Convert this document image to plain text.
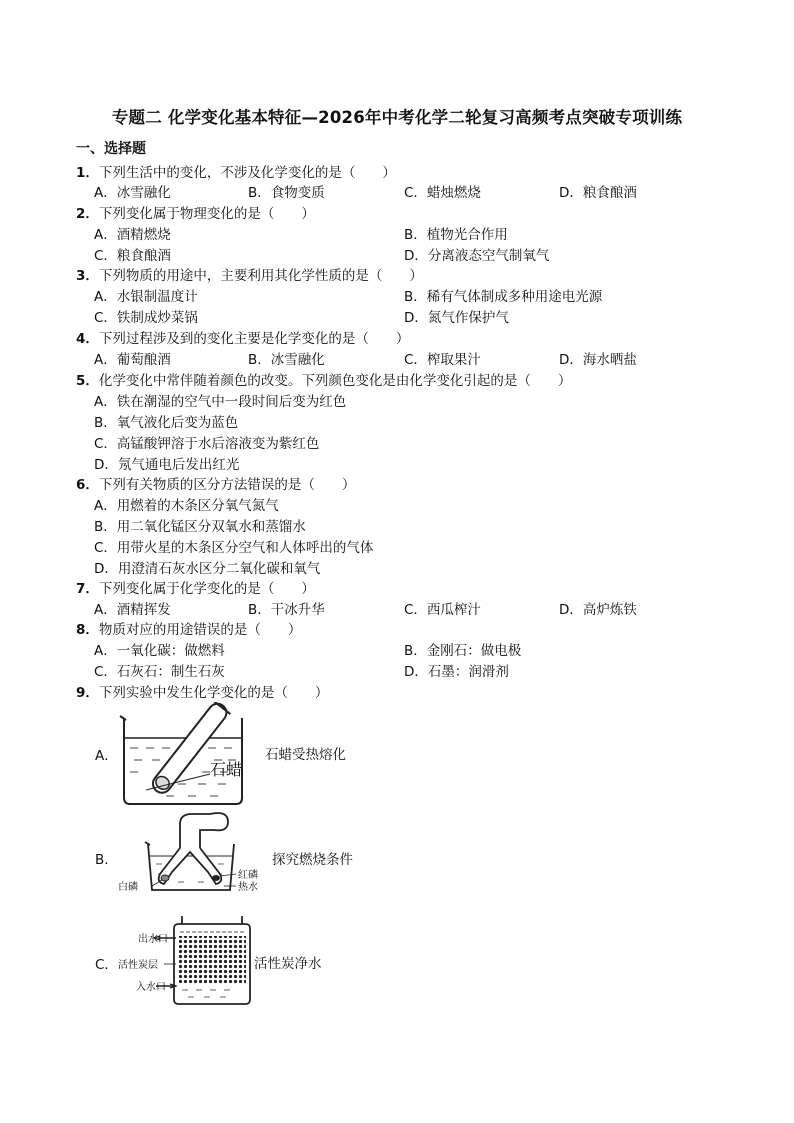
专题二 化学变化基本特征—2026年中考化学二轮复习高频考点突破专项训练
一、选择题
1．下列生活中的变化，不涉及化学变化的是（　　）
A．冰雪融化	B．食物变质	C．蜡烛燃烧	D．粮食酿酒
2．下列变化属于物理变化的是（　　）
A．酒精燃烧	B．植物光合作用
C．粮食酿酒	D．分离液态空气制氧气
3．下列物质的用途中，主要利用其化学性质的是（　　）
A．水银制温度计	B．稀有气体制成多种用途电光源
C．铁制成炒菜锅	D．氮气作保护气
4．下列过程涉及到的变化主要是化学变化的是（　　）
A．葡萄酿酒	B．冰雪融化	C．榨取果汁	D．海水晒盐
5．化学变化中常伴随着颜色的改变。下列颜色变化是由化学变化引起的是（　　）
A．铁在潮湿的空气中一段时间后变为红色
B．氧气液化后变为蓝色
C．高锰酸钾溶于水后溶液变为紫红色
D．氖气通电后发出红光
6．下列有关物质的区分方法错误的是（　　）
A．用燃着的木条区分氧气氮气
B．用二氧化锰区分双氧水和蒸馏水
C．用带火星的木条区分空气和人体呼出的气体
D．用澄清石灰水区分二氧化碳和氧气
7．下列变化属于化学变化的是（　　）
A．酒精挥发	B．干冰升华	C．西瓜榨汁	D．高炉炼铁
8．物质对应的用途错误的是（　　）
A．一氧化碳：做燃料	B．金刚石：做电极
C．石灰石：制生石灰	D．石墨：润滑剂
9．下列实验中发生化学变化的是（　　）
A．
石蜡
石蜡受热熔化
B．
白磷
红磷
热水
探究燃烧条件
C．
出水口
活性炭层
入水口
活性炭净水
